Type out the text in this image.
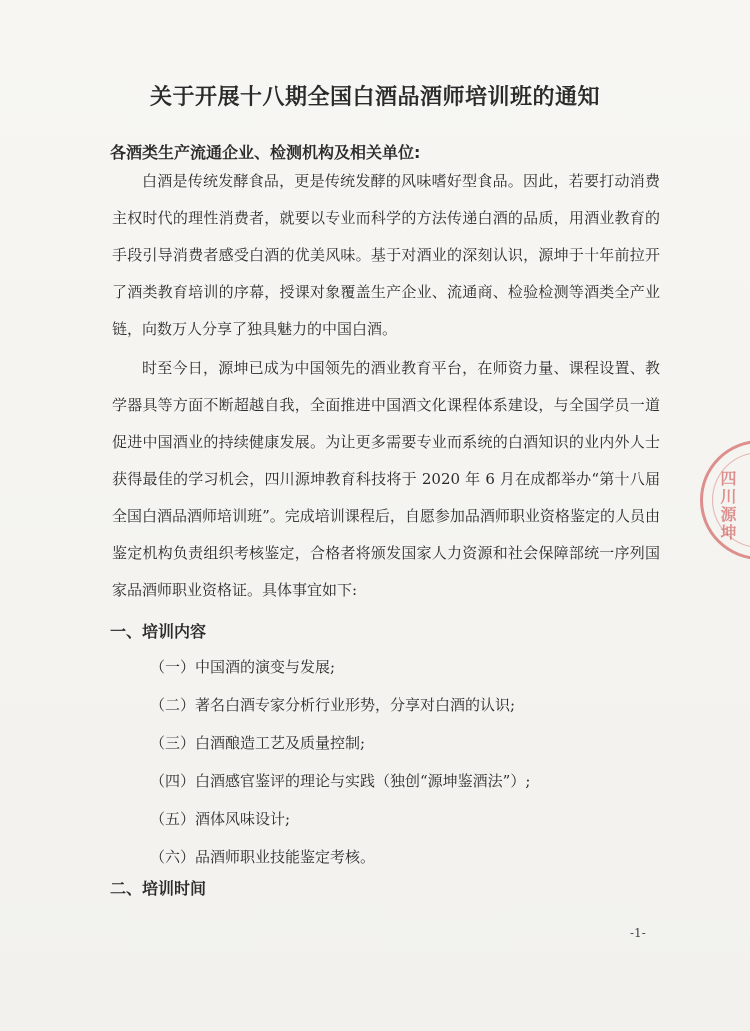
关于开展十八期全国白酒品酒师培训班的通知
各酒类生产流通企业、检测机构及相关单位:
白酒是传统发酵食品，更是传统发酵的风味嗜好型食品。因此，若要打动消费主权时代的理性消费者，就要以专业而科学的方法传递白酒的品质，用酒业教育的手段引导消费者感受白酒的优美风味。基于对酒业的深刻认识，源坤于十年前拉开了酒类教育培训的序幕，授课对象覆盖生产企业、流通商、检验检测等酒类全产业链，向数万人分享了独具魅力的中国白酒。
时至今日，源坤已成为中国领先的酒业教育平台，在师资力量、课程设置、教学器具等方面不断超越自我，全面推进中国酒文化课程体系建设，与全国学员一道促进中国酒业的持续健康发展。为让更多需要专业而系统的白酒知识的业内外人士获得最佳的学习机会，四川源坤教育科技将于 2020 年 6 月在成都举办“第十八届全国白酒品酒师培训班”。完成培训课程后，自愿参加品酒师职业资格鉴定的人员由鉴定机构负责组织考核鉴定，合格者将颁发国家人力资源和社会保障部统一序列国家品酒师职业资格证。具体事宜如下:
一、培训内容
（一）中国酒的演变与发展;
（二）著名白酒专家分析行业形势，分享对白酒的认识;
（三）白酒酿造工艺及质量控制;
（四）白酒感官鉴评的理论与实践（独创“源坤鉴酒法”）;
（五）酒体风味设计;
（六）品酒师职业技能鉴定考核。
二、培训时间
-1-
四川源坤
